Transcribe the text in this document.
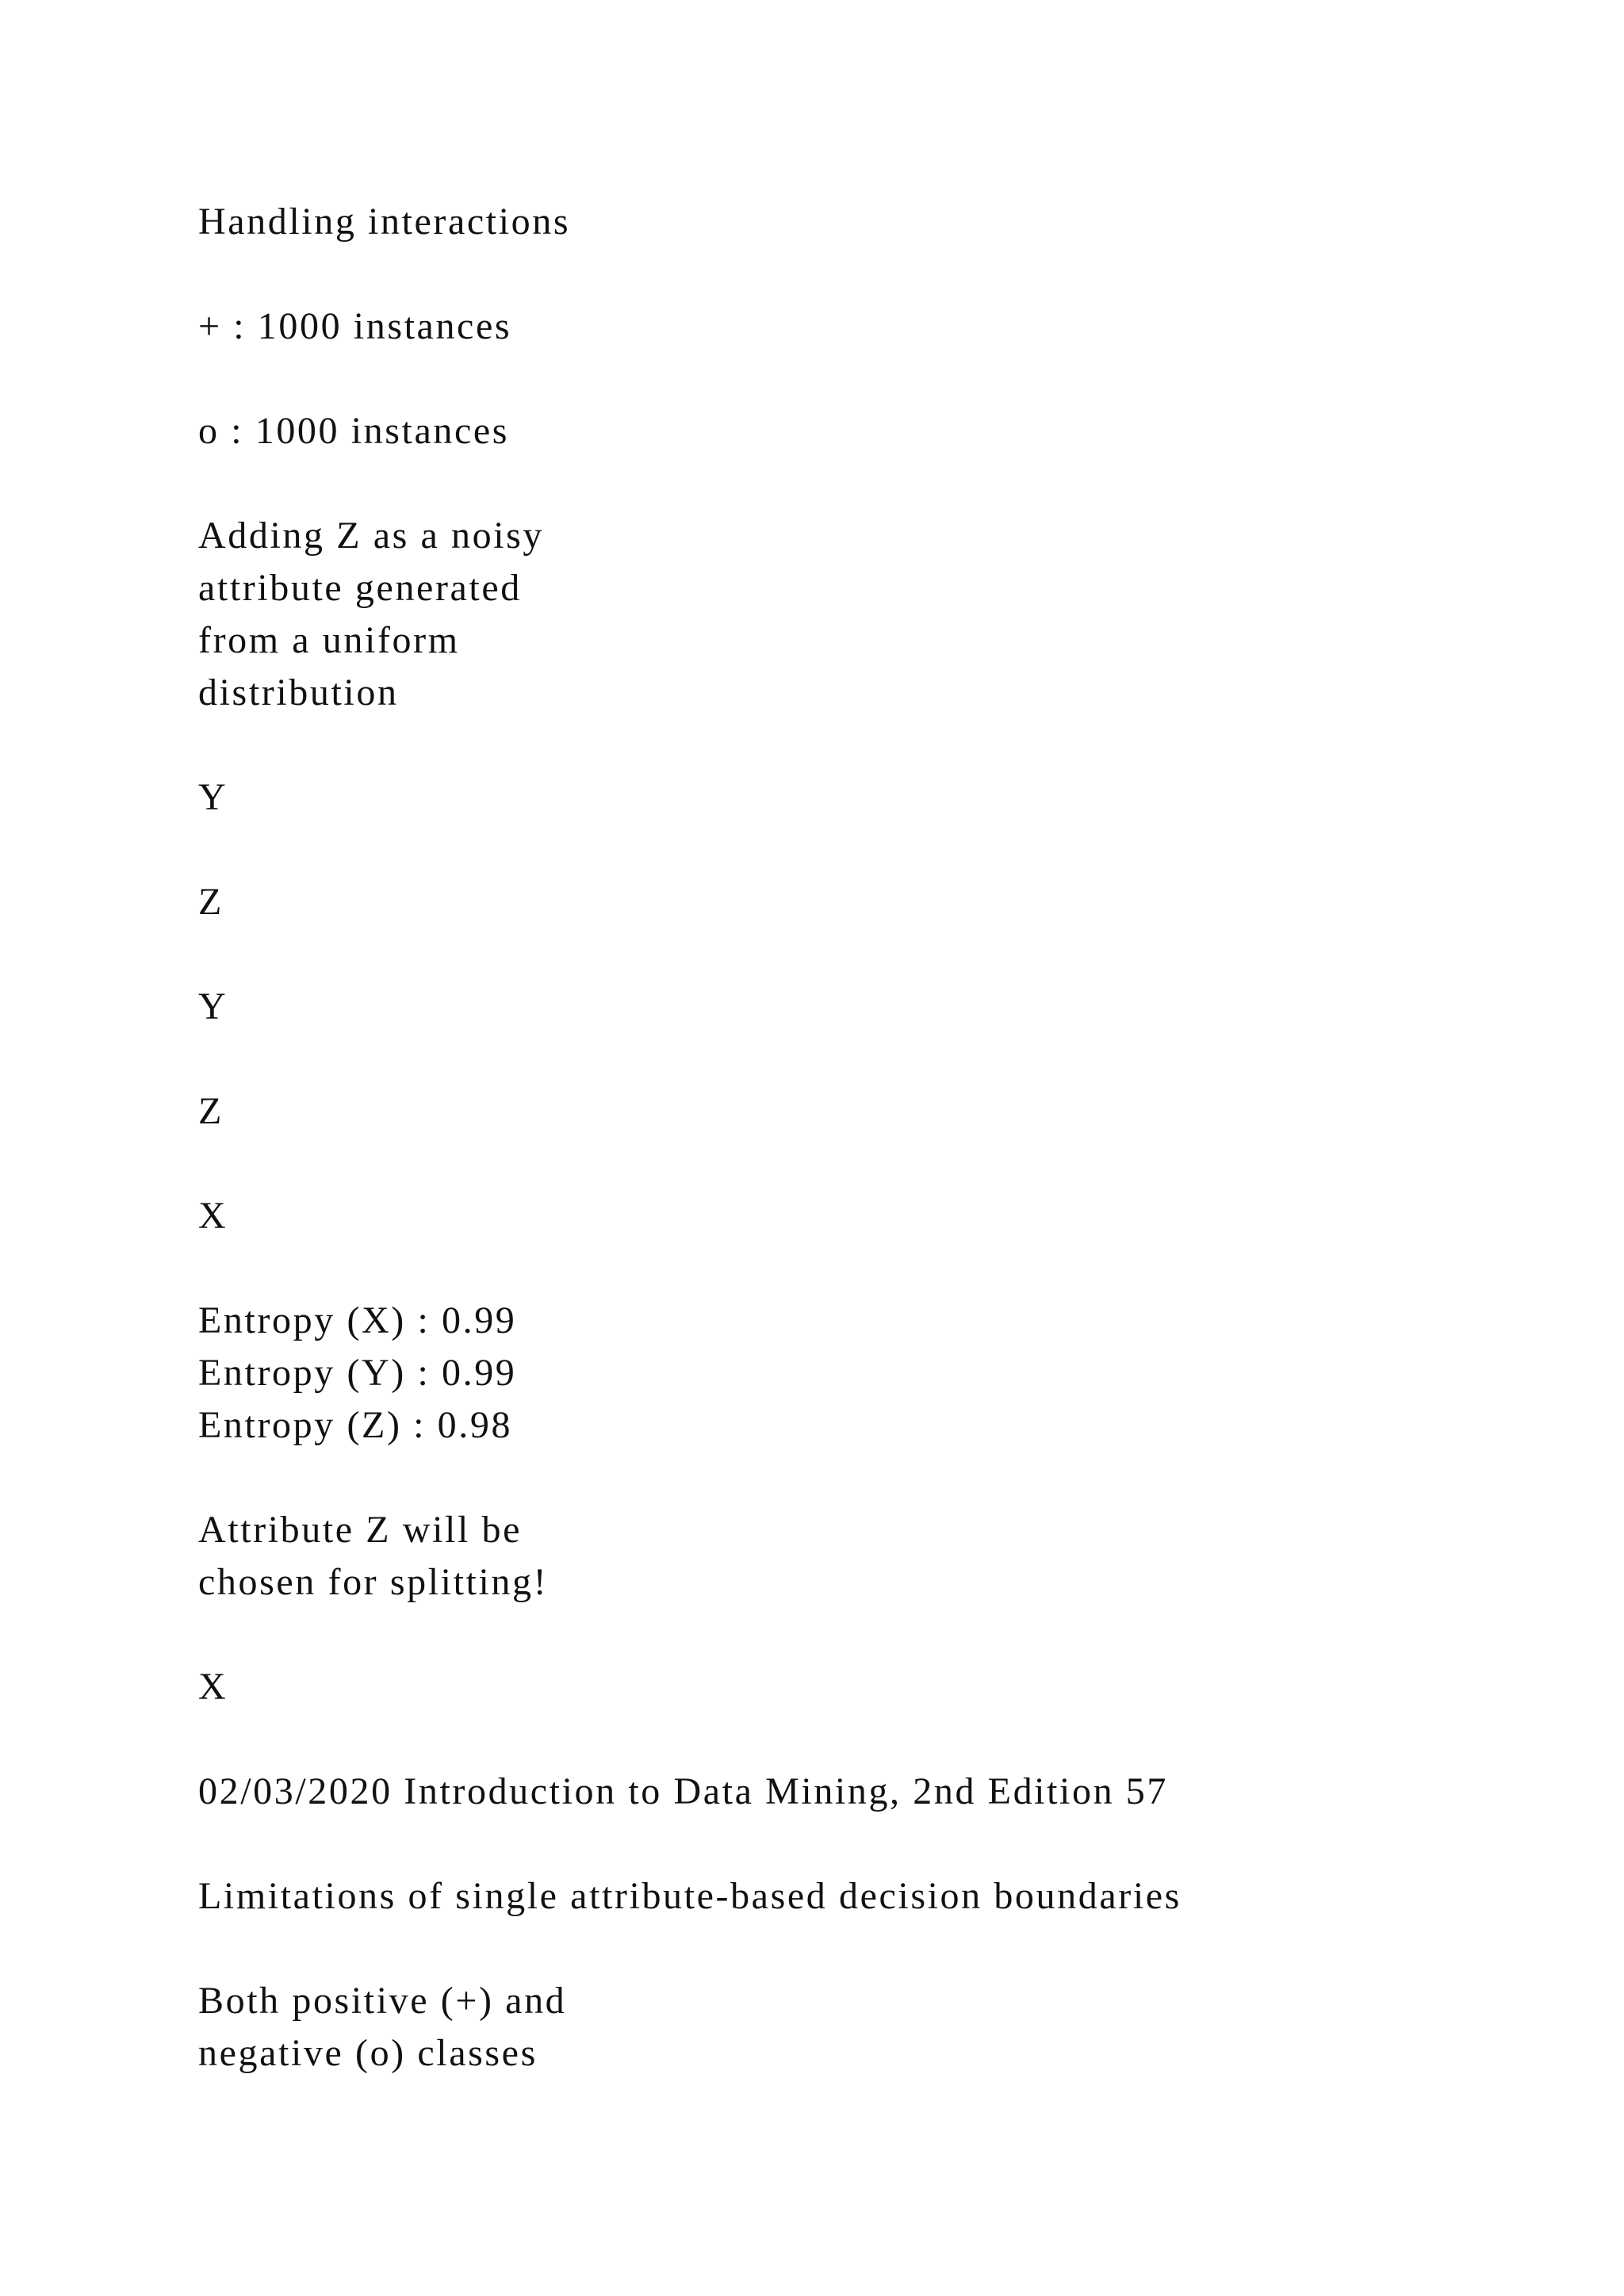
Handling interactions
+ : 1000 instances
o : 1000 instances
Adding Z as a noisy
attribute generated
from a uniform
distribution
Y
Z
Y
Z
X
Entropy (X) : 0.99
Entropy (Y) : 0.99
Entropy (Z) : 0.98
Attribute Z will be
chosen for splitting!
X
02/03/2020 Introduction to Data Mining, 2nd Edition 57
Limitations of single attribute-based decision boundaries
Both positive (+) and
negative (o) classes
